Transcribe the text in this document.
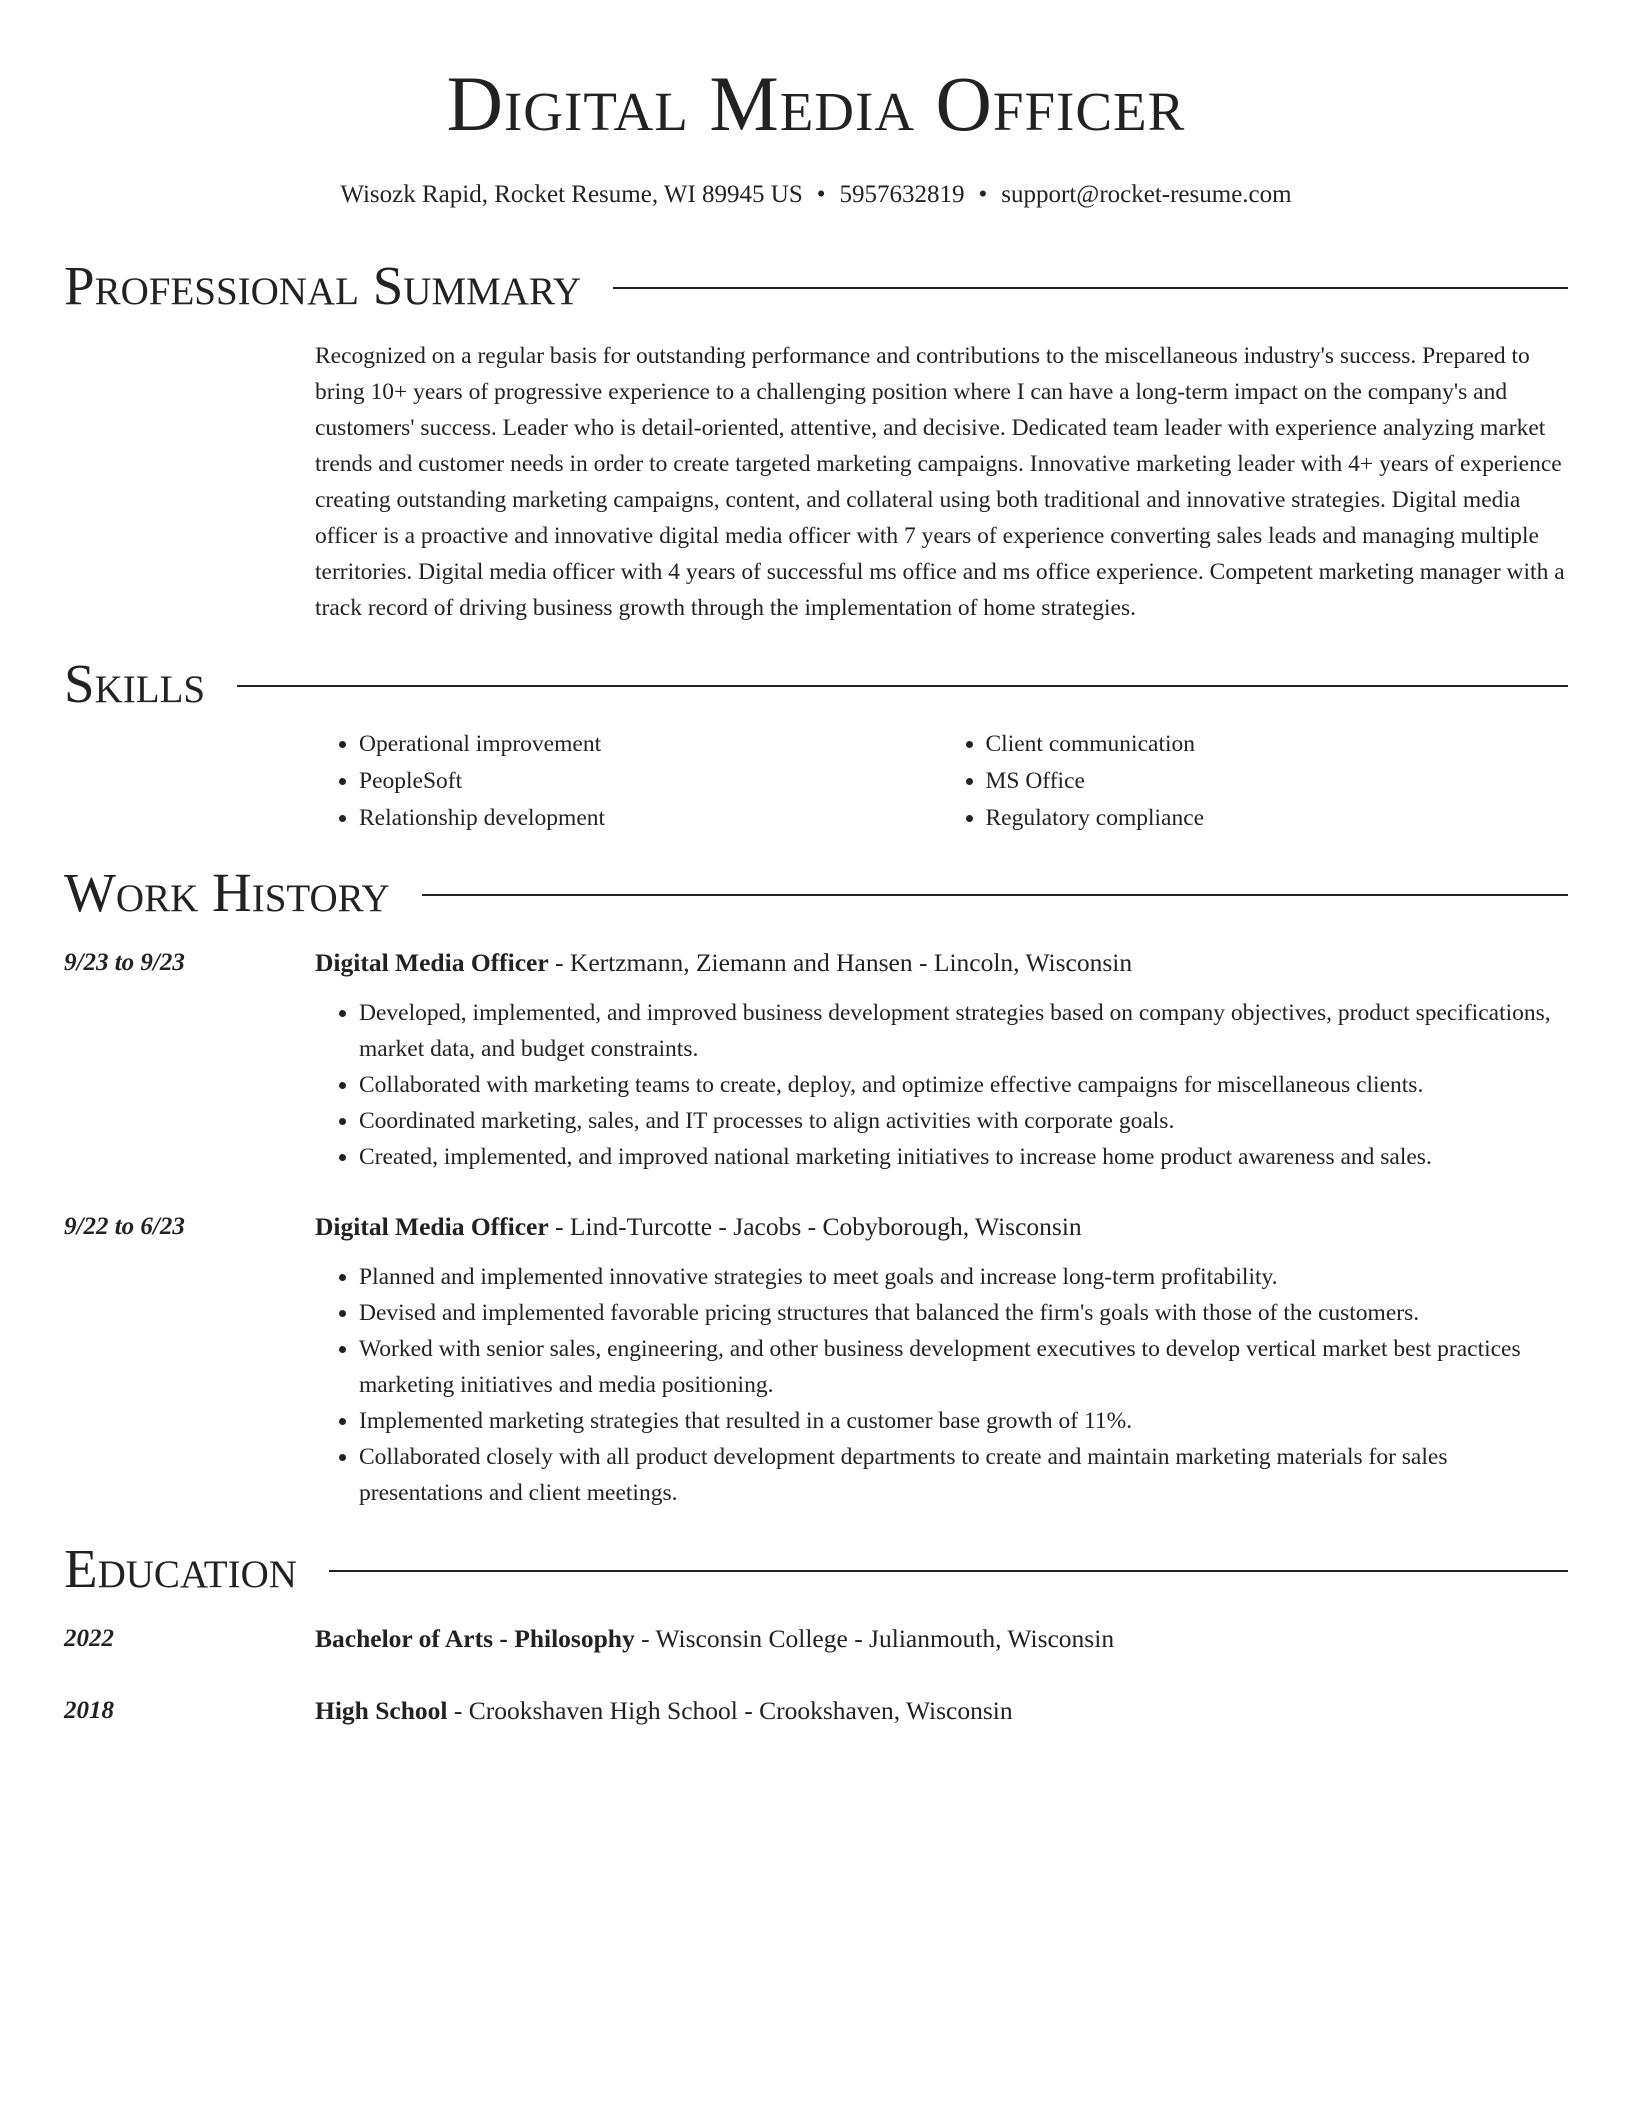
Digital Media Officer
Wisozk Rapid, Rocket Resume, WI 89945 US • 5957632819 • support@rocket-resume.com
Professional Summary
Recognized on a regular basis for outstanding performance and contributions to the miscellaneous industry's success. Prepared to bring 10+ years of progressive experience to a challenging position where I can have a long-term impact on the company's and customers' success. Leader who is detail-oriented, attentive, and decisive. Dedicated team leader with experience analyzing market trends and customer needs in order to create targeted marketing campaigns. Innovative marketing leader with 4+ years of experience creating outstanding marketing campaigns, content, and collateral using both traditional and innovative strategies. Digital media officer is a proactive and innovative digital media officer with 7 years of experience converting sales leads and managing multiple territories. Digital media officer with 4 years of successful ms office and ms office experience. Competent marketing manager with a track record of driving business growth through the implementation of home strategies.
Skills
• Operational improvement
• PeopleSoft
• Relationship development
• Client communication
• MS Office
• Regulatory compliance
Work History
9/23 to 9/23	Digital Media Officer - Kertzmann, Ziemann and Hansen - Lincoln, Wisconsin
• Developed, implemented, and improved business development strategies based on company objectives, product specifications, market data, and budget constraints.
• Collaborated with marketing teams to create, deploy, and optimize effective campaigns for miscellaneous clients.
• Coordinated marketing, sales, and IT processes to align activities with corporate goals.
• Created, implemented, and improved national marketing initiatives to increase home product awareness and sales.
9/22 to 6/23	Digital Media Officer - Lind-Turcotte - Jacobs - Cobyborough, Wisconsin
• Planned and implemented innovative strategies to meet goals and increase long-term profitability.
• Devised and implemented favorable pricing structures that balanced the firm's goals with those of the customers.
• Worked with senior sales, engineering, and other business development executives to develop vertical market best practices marketing initiatives and media positioning.
• Implemented marketing strategies that resulted in a customer base growth of 11%.
• Collaborated closely with all product development departments to create and maintain marketing materials for sales presentations and client meetings.
Education
2022	Bachelor of Arts - Philosophy - Wisconsin College - Julianmouth, Wisconsin
2018	High School - Crookshaven High School - Crookshaven, Wisconsin
